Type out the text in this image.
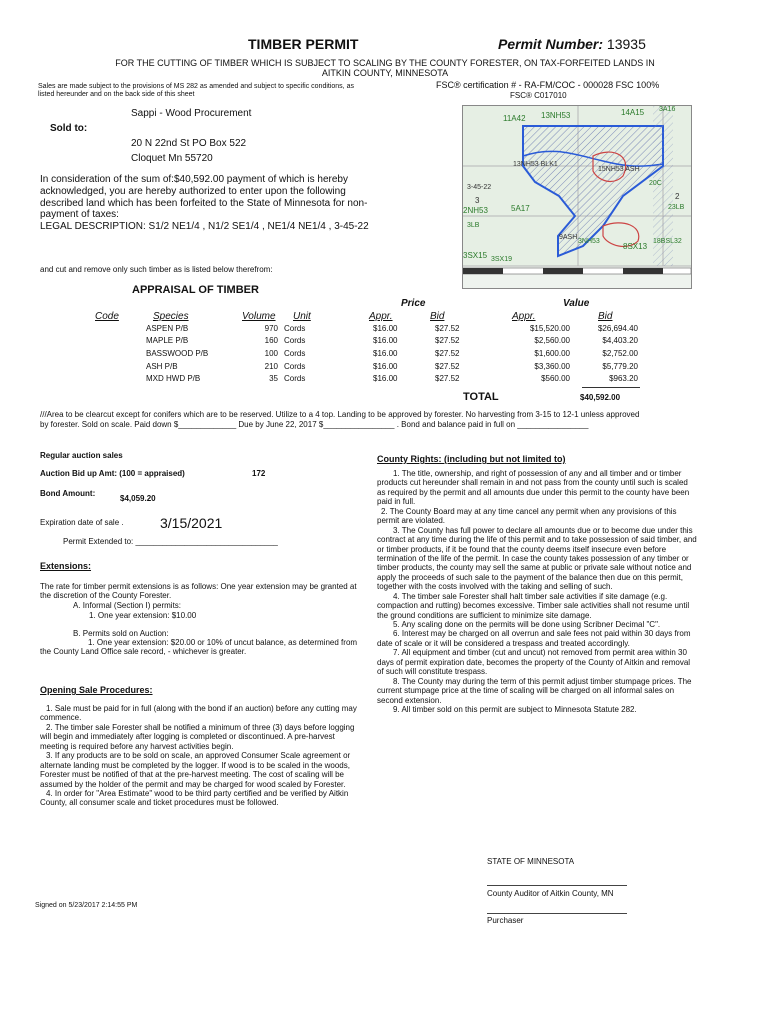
TIMBER PERMIT	Permit Number: 13935
FOR THE CUTTING OF TIMBER WHICH IS SUBJECT TO SCALING BY THE COUNTY FORESTER, ON TAX-FORFEITED LANDS IN
AITKIN COUNTY, MINNESOTA
Sales are made subject to the provisions of MS 282 as amended and subject to specific conditions, as
listed hereunder and on the back side of this sheet
FSC® certification # - RA-FM/COC - 000028 FSC 100%
FSC® C017010
Sappi - Wood Procurement
Sold to:
20 N 22nd St PO Box 522
Cloquet Mn 55720
In consideration of the sum of:$40,592.00 payment of which is hereby
acknowledged, you are hereby authorized to enter upon the following
described land which has been forfeited to the State of Minnesota for non-
payment of taxes:
LEGAL DESCRIPTION: S1/2 NE1/4 , N1/2 SE1/4 , NE1/4 NE1/4 , 3-45-22
and cut and remove only such timber as is listed below therefrom:
14A15
11A42 13NH53
13NH53 BLK1
15NH53 ASH
3
5A17
8SX13
2NH53
3SX15
2
18BSL32
23LB
20C
3A16
3NH53
9ASH
3SX19
3LB
3-45-22
APPRAISAL OF TIMBER
Price	Value
Code	Species	Volume Unit	Appr.	Bid	Appr.	Bid
	ASPEN P/B	970	Cords	$16.00	$27.52	$15,520.00	$26,694.40
	MAPLE P/B	160	Cords	$16.00	$27.52	$2,560.00	$4,403.20
	BASSWOOD P/B	100	Cords	$16.00	$27.52	$1,600.00	$2,752.00
	ASH P/B	210	Cords	$16.00	$27.52	$3,360.00	$5,779.20
	MXD HWD P/B	35	Cords	$16.00	$27.52	$560.00	$963.20
TOTAL	$40,592.00
///Area to be clearcut except for conifers which are to be reserved. Utilize to a 4 top. Landing to be approved by forester. No harvesting from 3-15 to 12-1 unless approved
by forester. Sold on scale. Paid down $_____________ Due by June 22, 2017 $________________ . Bond and balance paid in full on ________________
Regular auction sales
Auction Bid up Amt: (100 = appraised)	172
Bond Amount:
$4,059.20
Expiration date of sale .	3/15/2021
Permit Extended to: ________________________________
Extensions:
The rate for timber permit extensions is as follows: One year extension may be granted at the discretion of the County Forester.
A. Informal (Section I) permits:
1. One year extension: $10.00
B. Permits sold on Auction:
1. One year extension: $20.00 or 10% of uncut balance, as determined from the County Land Office sale record, - whichever is greater.
Opening Sale Procedures:
1. Sale must be paid for in full (along with the bond if an auction) before any cutting may commence.
2. The timber sale Forester shall be notified a minimum of three (3) days before logging will begin and immediately after logging is completed or discontinued. A pre-harvest meeting is required before any harvest activities begin.
3. If any products are to be sold on scale, an approved Consumer Scale agreement or alternate landing must be completed by the logger. If wood is to be scaled in the woods, Forester must be notified of that at the pre-harvest meeting. The cost of scaling will be assumed by the holder of the permit and may be charged for wood scaled by Forester.
4. In order for "Area Estimate" wood to be third party certified and be verified by Aitkin County, all consumer scale and ticket procedures must be followed.
County Rights: (including but not limited to)
1. The title, ownership, and right of possession of any and all timber and or timber products cut hereunder shall remain in and not pass from the county until such is scaled as required by the permit and all amounts due under this permit to the county have been paid in full.
2. The County Board may at any time cancel any permit when any provisions of this permit are violated.
3. The County has full power to declare all amounts due or to become due under this contract at any time during the life of this permit and to take possession of said timber, and or timber products, if it be found that the county deems itself insecure even before termination of the life of the permit. In case the county takes possession of any timber or timber products, the county may sell the same at public or private sale without notice and apply the proceeds of such sale to the payment of the balance then due on this permit, together with the costs involved with the taking and selling of such.
4. The timber sale Forester shall halt timber sale activities if site damage (e.g. compaction and rutting) becomes excessive. Timber sale activities shall not resume until the ground conditions are sufficient to minimize site damage.
5. Any scaling done on the permits will be done using Scribner Decimal "C".
6. Interest may be charged on all overrun and sale fees not paid within 30 days from date of scale or it will be considered a trespass and treated accordingly.
7. All equipment and timber (cut and uncut) not removed from permit area within 30 days of permit expiration date, becomes the property of the County of Aitkin and removal of such will constitute trespass.
8. The County may during the term of this permit adjust timber stumpage prices. The current stumpage price at the time of scaling will be charged on all informal sales on second extension.
9. All timber sold on this permit are subject to Minnesota Statute 282.
STATE OF MINNESOTA
County Auditor of Aitkin County, MN
Purchaser
Signed on 5/23/2017 2:14:55 PM
